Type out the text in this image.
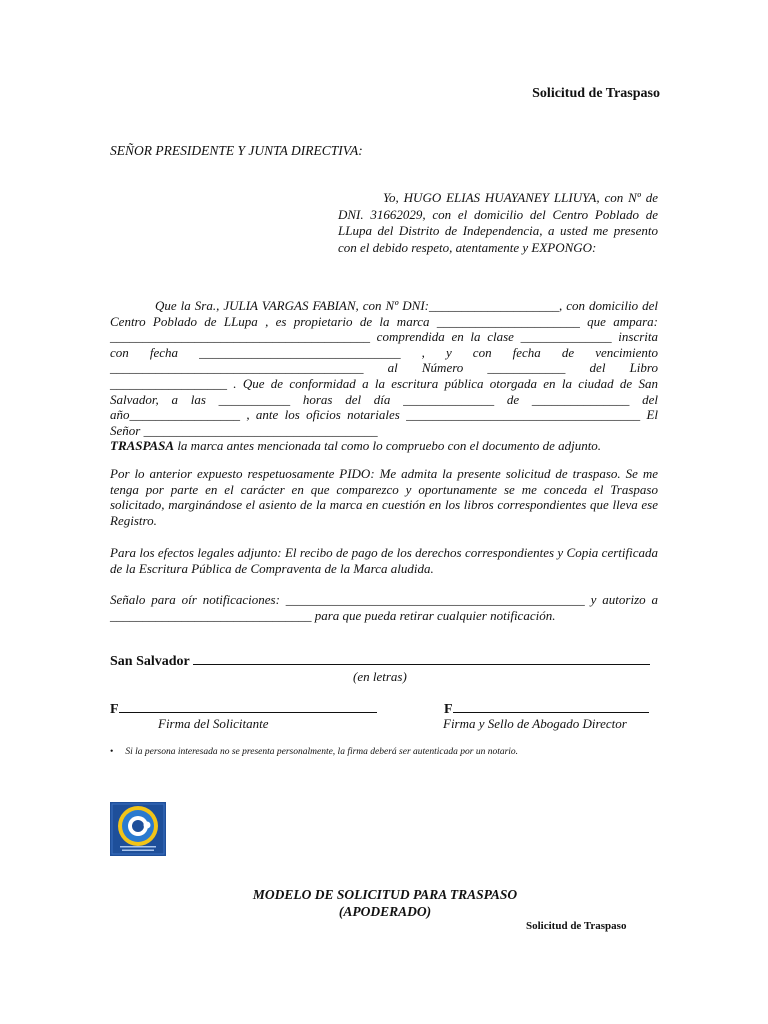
Solicitud de Traspaso
SEÑOR PRESIDENTE Y JUNTA DIRECTIVA:
Yo, HUGO ELIAS HUAYANEY LLIUYA, con Nº de DNI. 31662029, con el domicilio del Centro Poblado de LLupa del Distrito de Independencia, a usted me presento con el debido respeto, atentamente y EXPONGO:
Que la Sra., JULIA VARGAS FABIAN, con Nº DNI:____________________, con domicilio del Centro Poblado de LLupa , es propietario de la marca ______________________ que ampara: ________________________________________ comprendida en la clase ______________ inscrita con fecha _______________________________ , y con fecha de vencimiento _______________________________________ al Número ____________ del Libro __________________ . Que de conformidad a la escritura pública otorgada en la ciudad de San Salvador, a las ___________ horas del día ______________ de _______________ del año_________________ , ante los oficios notariales ____________________________________ El Señor ____________________________________
TRASPASA la marca antes mencionada tal como lo compruebo con el documento de adjunto.
Por lo anterior expuesto respetuosamente PIDO: Me admita la presente solicitud de traspaso. Se me tenga por parte en el carácter en que comparezco y oportunamente se me conceda el Traspaso solicitado, marginándose el asiento de la marca en cuestión en los libros correspondientes que lleva ese Registro.
Para los efectos legales adjunto: El recibo de pago de los derechos correspondientes y Copia certificada de la Escritura Pública de Compraventa de la Marca aludida.
Señalo para oír notificaciones: ______________________________________________ y autorizo a _______________________________ para que pueda retirar cualquier notificación.
San Salvador
(en letras)
F	F
Firma del Solicitante	Firma y Sello de Abogado Director
• Si la persona interesada no se presenta personalmente, la firma deberá ser autenticada por un notario.
MODELO DE SOLICITUD PARA TRASPASO
(APODERADO)
Solicitud de Traspaso
